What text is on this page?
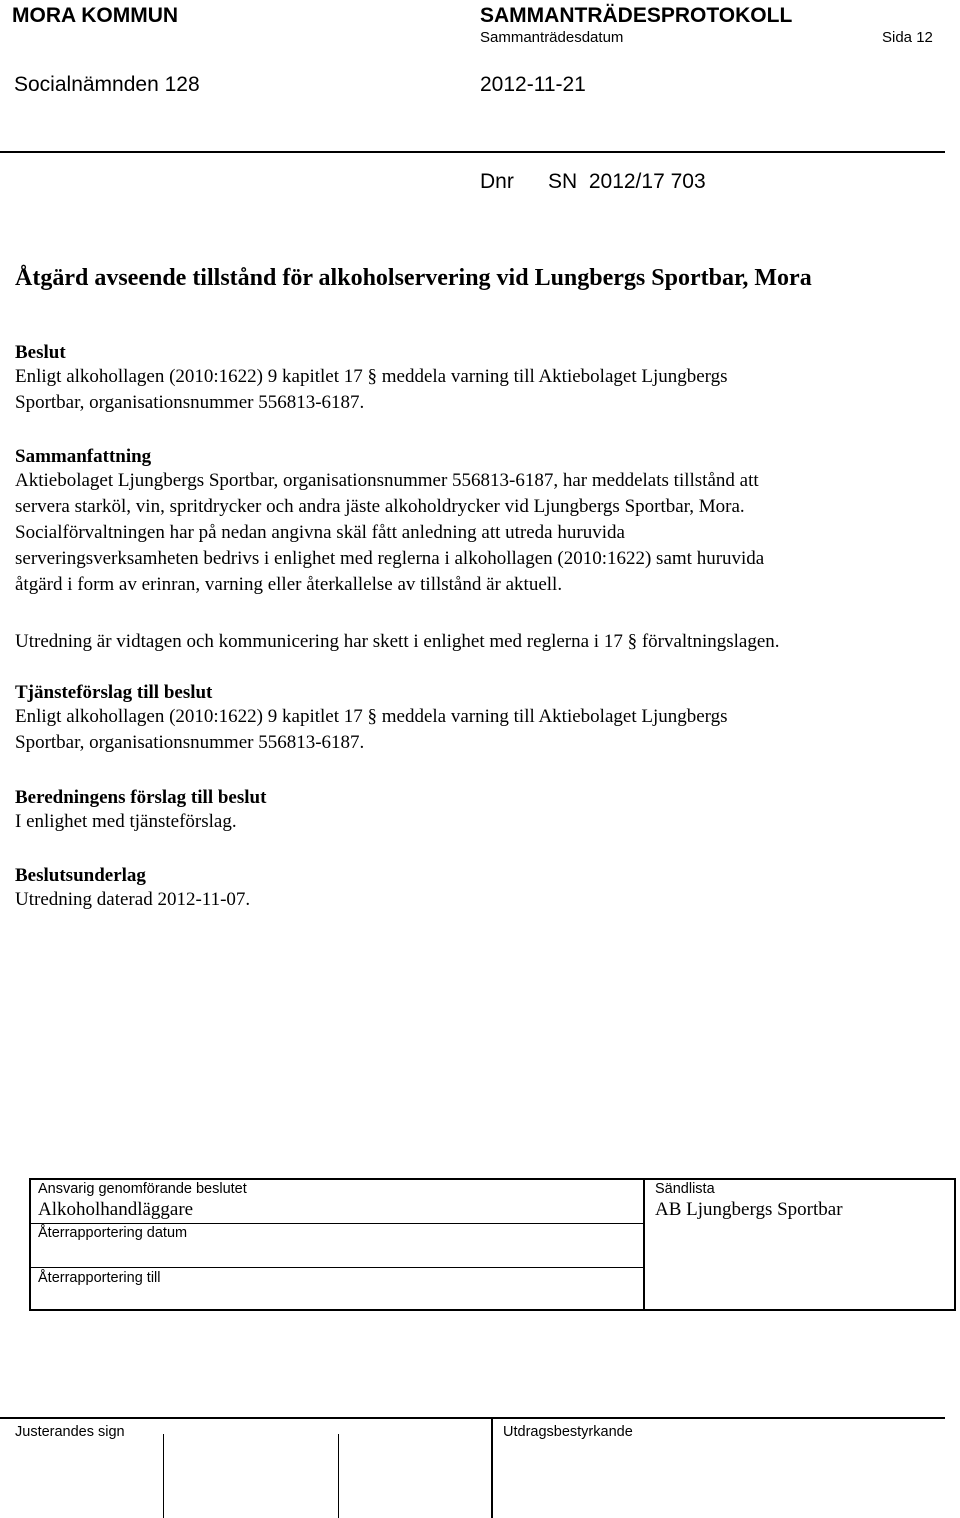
MORA KOMMUN	SAMMANTRÄDESPROTOKOLL
Sammanträdesdatum	Sida 12
Socialnämnden 128	2012-11-21
Dnr SN  2012/17 703
Åtgärd avseende tillstånd för alkoholservering vid Lungbergs Sportbar, Mora
Beslut

Enligt alkohollagen (2010:1622) 9 kapitlet 17 § meddela varning till Aktiebolaget Ljungbergs

Sportbar, organisationsnummer 556813-6187.

Sammanfattning

Aktiebolaget Ljungbergs Sportbar, organisationsnummer 556813-6187, har meddelats tillstånd att

servera starköl, vin, spritdrycker och andra jäste alkoholdrycker vid Ljungbergs Sportbar, Mora.

Socialförvaltningen har på nedan angivna skäl fått anledning att utreda huruvida

serveringsverksamheten bedrivs i enlighet med reglerna i alkohollagen (2010:1622) samt huruvida

åtgärd i form av erinran, varning eller återkallelse av tillstånd är aktuell.

Utredning är vidtagen och kommunicering har skett i enlighet med reglerna i 17 § förvaltningslagen.
Tjänsteförslag till beslut

Enligt alkohollagen (2010:1622) 9 kapitlet 17 § meddela varning till Aktiebolaget Ljungbergs

Sportbar, organisationsnummer 556813-6187.

Beredningens förslag till beslut
I enlighet med tjänsteförslag.
Beslutsunderlag
Utredning daterad 2012-11-07.
Ansvarig genomförande beslutet
Alkoholhandläggare
Återrapportering datum
Återrapportering till
Sändlista
AB Ljungbergs Sportbar
Justerandes sign	Utdragsbestyrkande
